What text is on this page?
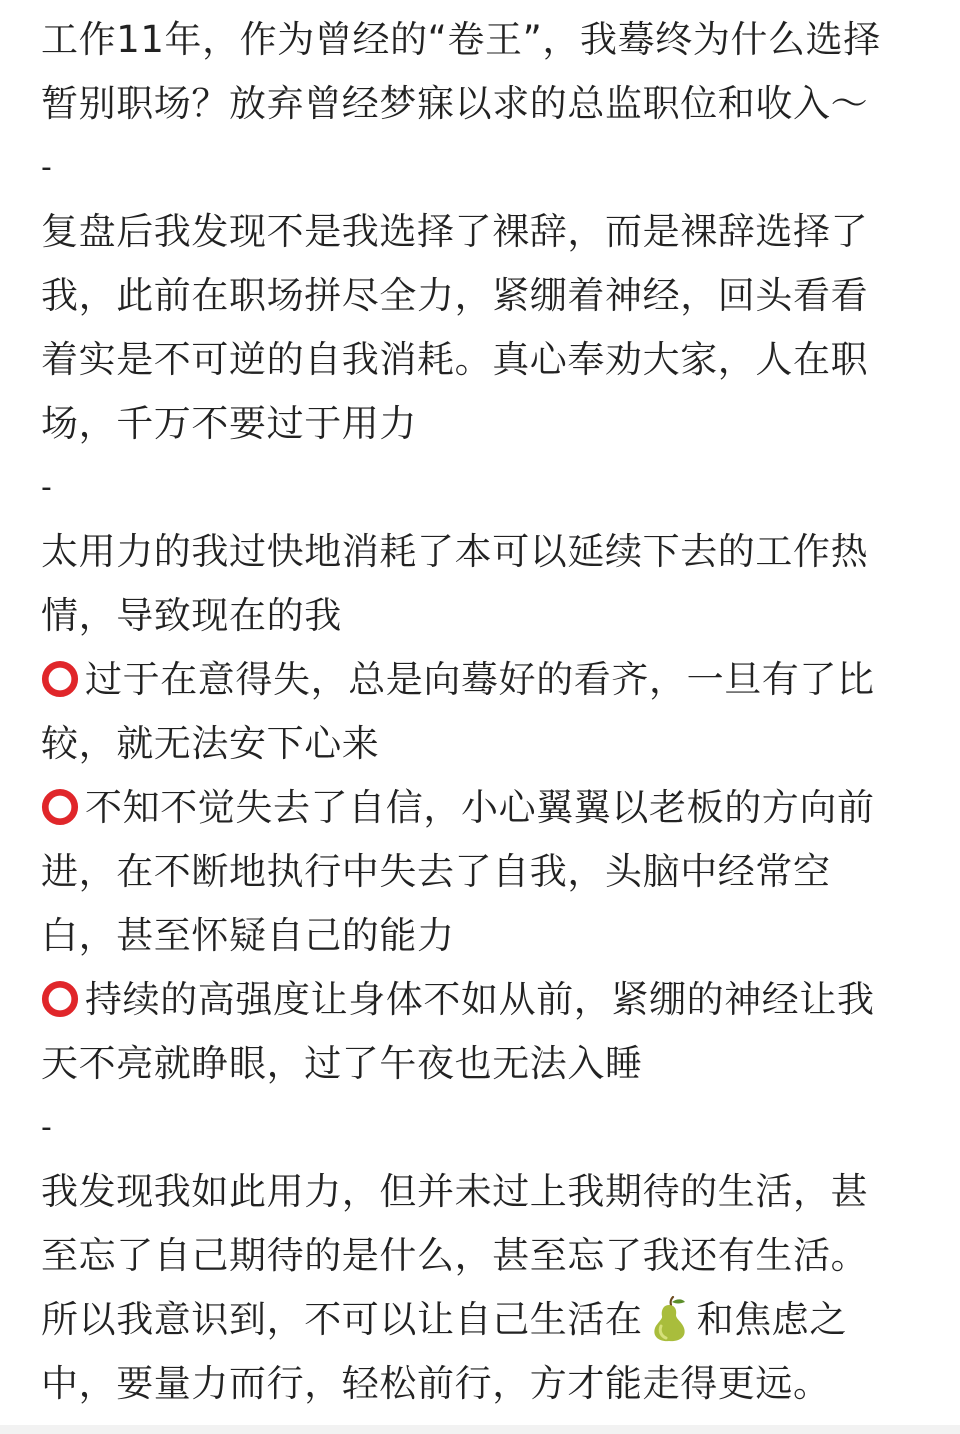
工作11年，作为曾经的“卷王”，我蓦终为什么选择
暂别职场？放弃曾经梦寐以求的总监职位和收入～
-
复盘后我发现不是我选择了裸辞，而是裸辞选择了
我，此前在职场拼尽全力，紧绷着神经，回头看看
着实是不可逆的自我消耗。真心奉劝大家，人在职
场，千万不要过于用力
-
太用力的我过快地消耗了本可以延续下去的工作热
情，导致现在的我
过于在意得失，总是向蓦好的看齐，一旦有了比
较，就无法安下心来
不知不觉失去了自信，小心翼翼以老板的方向前
进，在不断地执行中失去了自我，头脑中经常空
白，甚至怀疑自己的能力
持续的高强度让身体不如从前，紧绷的神经让我
天不亮就睁眼，过了午夜也无法入睡
-
我发现我如此用力，但并未过上我期待的生活，甚
至忘了自己期待的是什么，甚至忘了我还有生活。
所以我意识到，不可以让自己生活在 和焦虑之
中，要量力而行，轻松前行，方才能走得更远。
